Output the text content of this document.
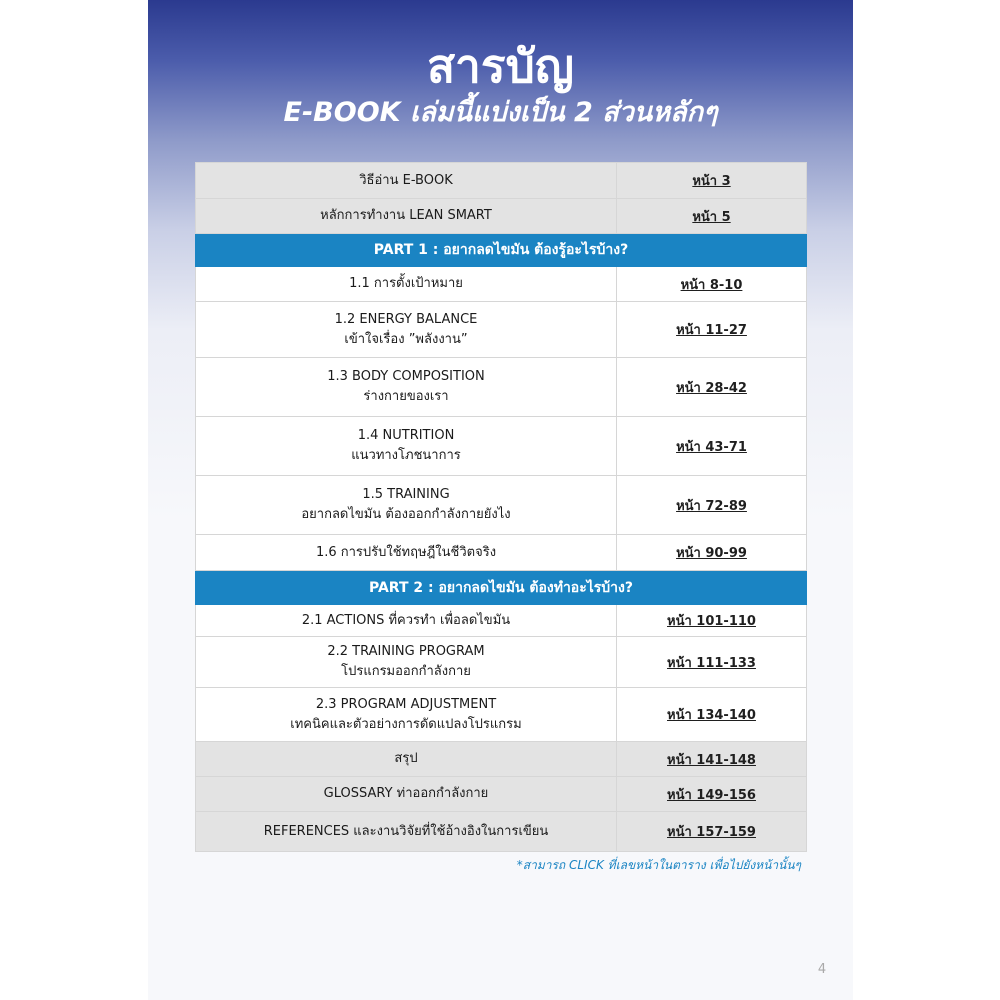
สารบัญ
E-BOOK เล่มนี้แบ่งเป็น 2 ส่วนหลักๆ
วิธีอ่าน E-BOOK	หน้า 3
หลักการทำงาน LEAN SMART	หน้า 5
PART 1 : อยากลดไขมัน ต้องรู้อะไรบ้าง?	
1.1 การตั้งเป้าหมาย	หน้า 8-10

1.2 ENERGY BALANCE
เข้าใจเรื่อง ”พลังงาน”	หน้า 11-27

1.3 BODY COMPOSITION
ร่างกายของเรา	หน้า 28-42

1.4 NUTRITION
แนวทางโภชนาการ	หน้า 43-71

1.5 TRAINING
อยากลดไขมัน ต้องออกกำลังกายยังไง	หน้า 72-89
1.6 การปรับใช้ทฤษฎีในชีวิตจริง	หน้า 90-99
PART 2 : อยากลดไขมัน ต้องทำอะไรบ้าง?	
2.1 ACTIONS ที่ควรทำ เพื่อลดไขมัน	หน้า 101-110

2.2 TRAINING PROGRAM
โปรแกรมออกกำลังกาย	หน้า 111-133

2.3 PROGRAM ADJUSTMENT
เทคนิคและตัวอย่างการดัดแปลงโปรแกรม	หน้า 134-140
สรุป	หน้า 141-148
GLOSSARY ท่าออกกำลังกาย	หน้า 149-156
REFERENCES และงานวิจัยที่ใช้อ้างอิงในการเขียน	หน้า 157-159
*สามารถ CLICK ที่เลขหน้าในตาราง เพื่อไปยังหน้านั้นๆ
4
